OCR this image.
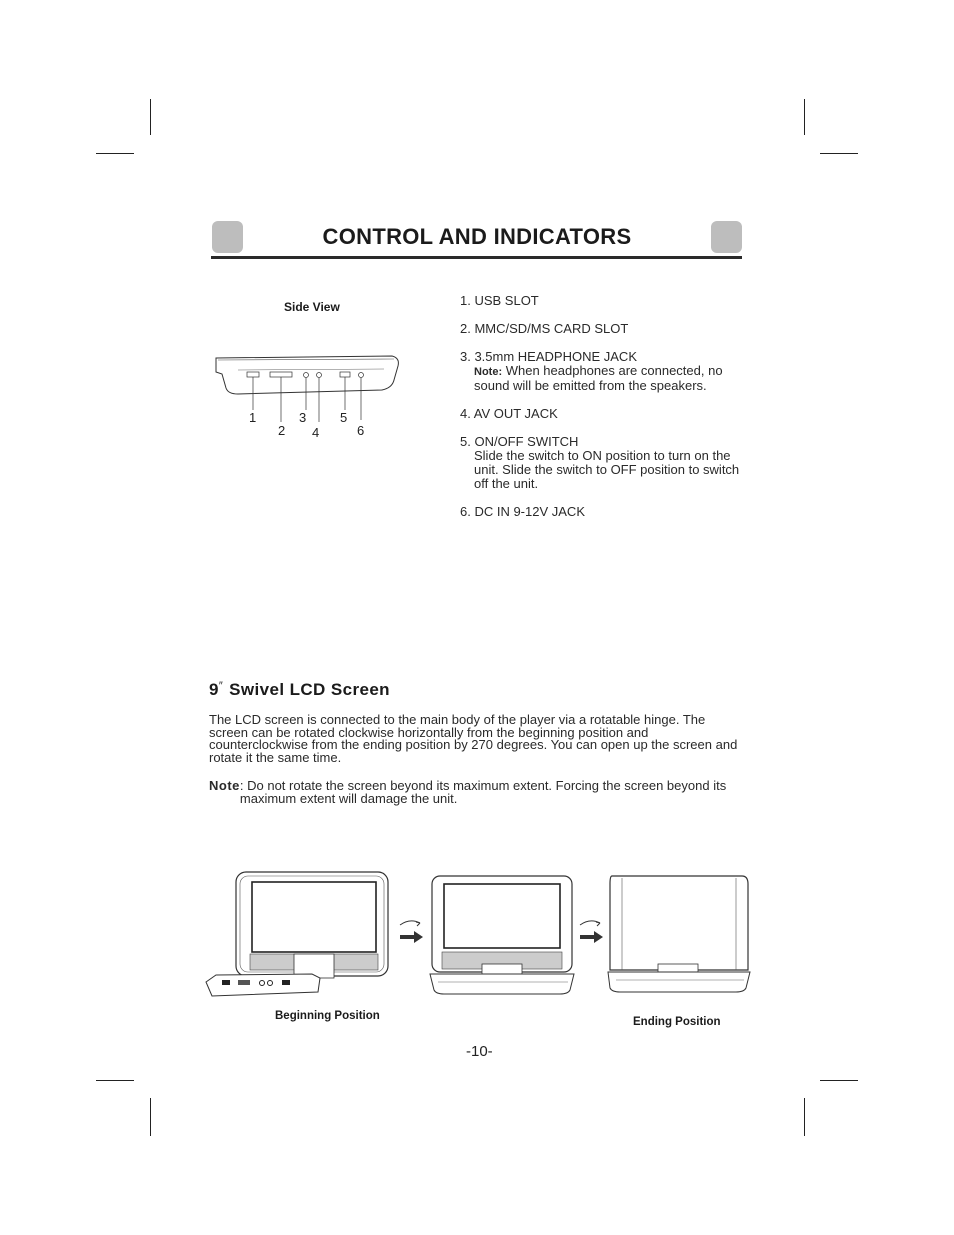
CONTROL AND INDICATORS
Side View
1
2
3
4
5
6
1. USB SLOT
2. MMC/SD/MS CARD SLOT
3. 3.5mm HEADPHONE JACK
Note: When headphones are connected, no sound will be emitted from the speakers.
4. AV OUT JACK
5. ON/OFF SWITCH
Slide the switch to ON position to turn on the unit. Slide the switch to OFF position to switch off the unit.
6. DC IN 9-12V JACK
9″ Swivel LCD Screen
The LCD screen is connected to the main body of the player via a rotatable hinge. The screen can be rotated clockwise horizontally from the beginning position and counterclockwise from the ending position by 270 degrees. You can open up the screen and rotate it the same time.
Note : Do not rotate the screen beyond its maximum extent. Forcing the screen beyond its maximum extent will damage the unit.
Beginning Position	Ending Position
-10-
